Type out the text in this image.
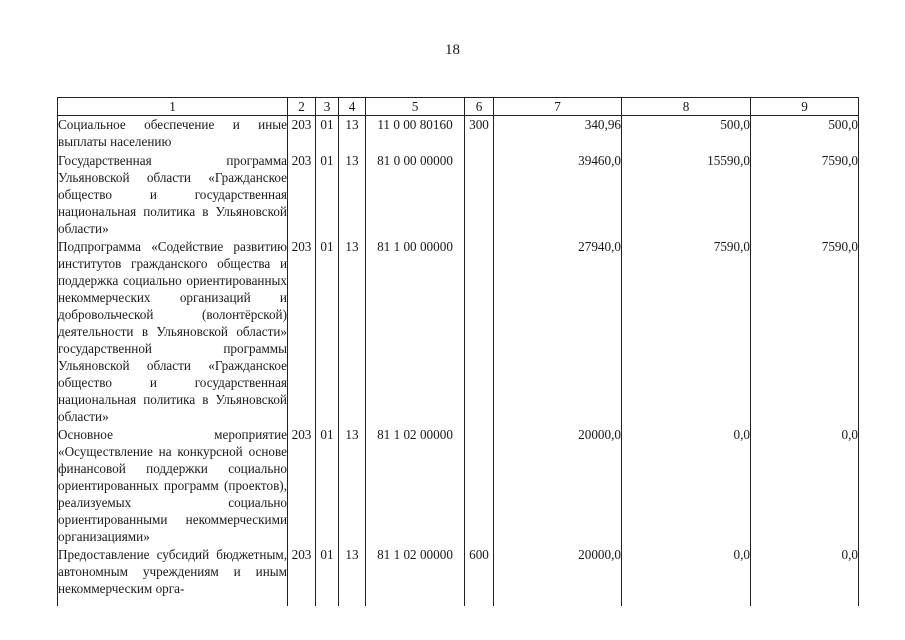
18
1	2	3	4	5	6	7	8	9
Социальное обеспечение и иные выплаты населению	203	01	13	11 0 00 80160	300	340,96	500,0	500,0
Государственная программа Ульяновской области «Гражданское общество и государственная национальная политика в Ульяновской области»	203	01	13	81 0 00 00000		39460,0	15590,0	7590,0
Подпрограмма «Содействие развитию институтов гражданского общества и поддержка социально ориентированных некоммерческих организаций и добровольческой (волонтёрской) деятельности в Ульяновской области» государственной программы Ульяновской области «Гражданское общество и государственная национальная политика в Ульяновской области»	203	01	13	81 1 00 00000		27940,0	7590,0	7590,0
Основное мероприятие «Осуществление на конкурсной основе финансовой поддержки социально ориентированных программ (проектов), реализуемых социально ориентированными некоммерческими организациями»	203	01	13	81 1 02 00000		20000,0	0,0	0,0
Предоставление субсидий бюджетным, автономным учреждениям и иным некоммерческим орга-	203	01	13	81 1 02 00000	600	20000,0	0,0	0,0
